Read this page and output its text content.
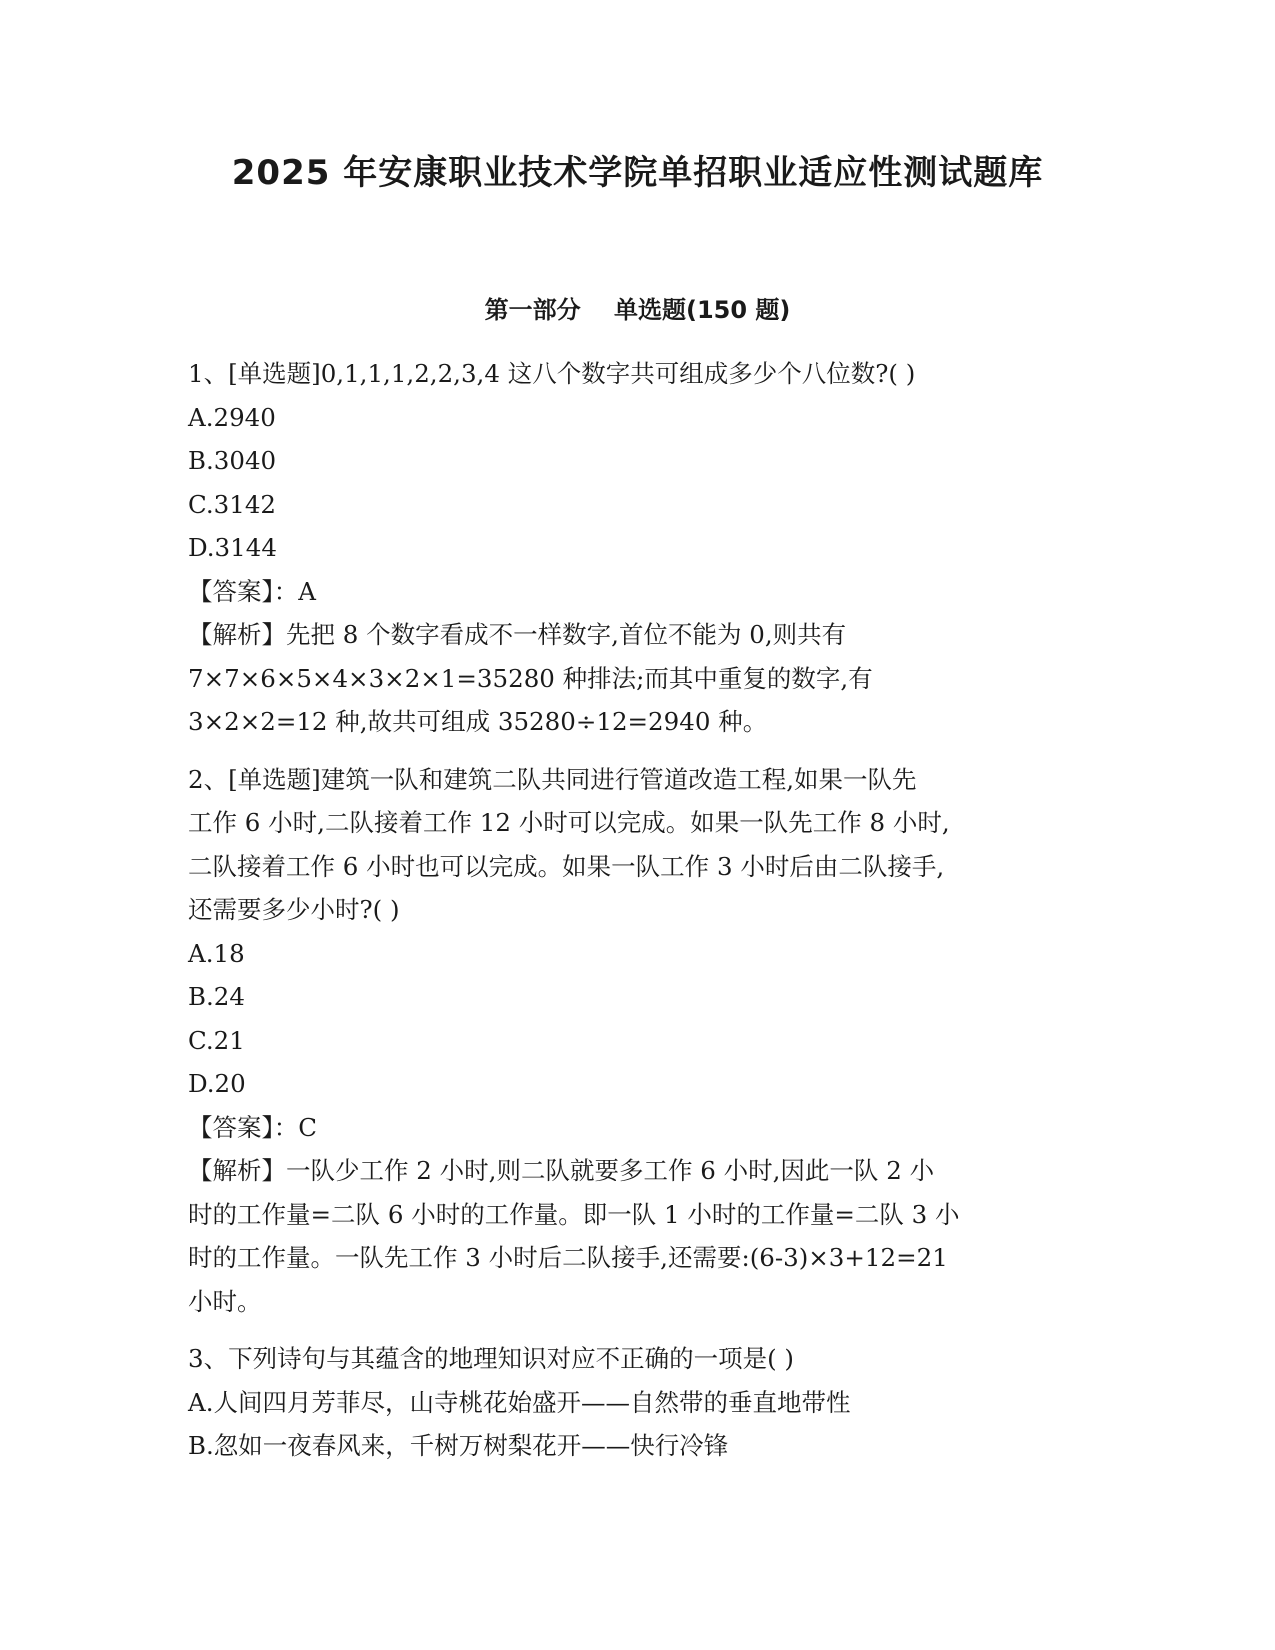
2025 年安康职业技术学院单招职业适应性测试题库
第一部分    单选题(150 题)

1、[单选题]0,1,1,1,2,2,3,4 这八个数字共可组成多少个八位数?( )

A.2940

B.3040

C.3142

D.3144

【答案】：A

【解析】先把 8 个数字看成不一样数字,首位不能为 0,则共有

7×7×6×5×4×3×2×1=35280 种排法;而其中重复的数字,有

3×2×2=12 种,故共可组成 35280÷12=2940 种。

2、[单选题]建筑一队和建筑二队共同进行管道改造工程,如果一队先

工作 6 小时,二队接着工作 12 小时可以完成。如果一队先工作 8 小时,

二队接着工作 6 小时也可以完成。如果一队工作 3 小时后由二队接手,

还需要多少小时?( )

A.18

B.24

C.21

D.20

【答案】：C

【解析】一队少工作 2 小时,则二队就要多工作 6 小时,因此一队 2 小

时的工作量=二队 6 小时的工作量。即一队 1 小时的工作量=二队 3 小

时的工作量。一队先工作 3 小时后二队接手,还需要:(6-3)×3+12=21

小时。

3、下列诗句与其蕴含的地理知识对应不正确的一项是( )

A.人间四月芳菲尽，山寺桃花始盛开——自然带的垂直地带性

B.忽如一夜春风来，千树万树梨花开——快行冷锋
